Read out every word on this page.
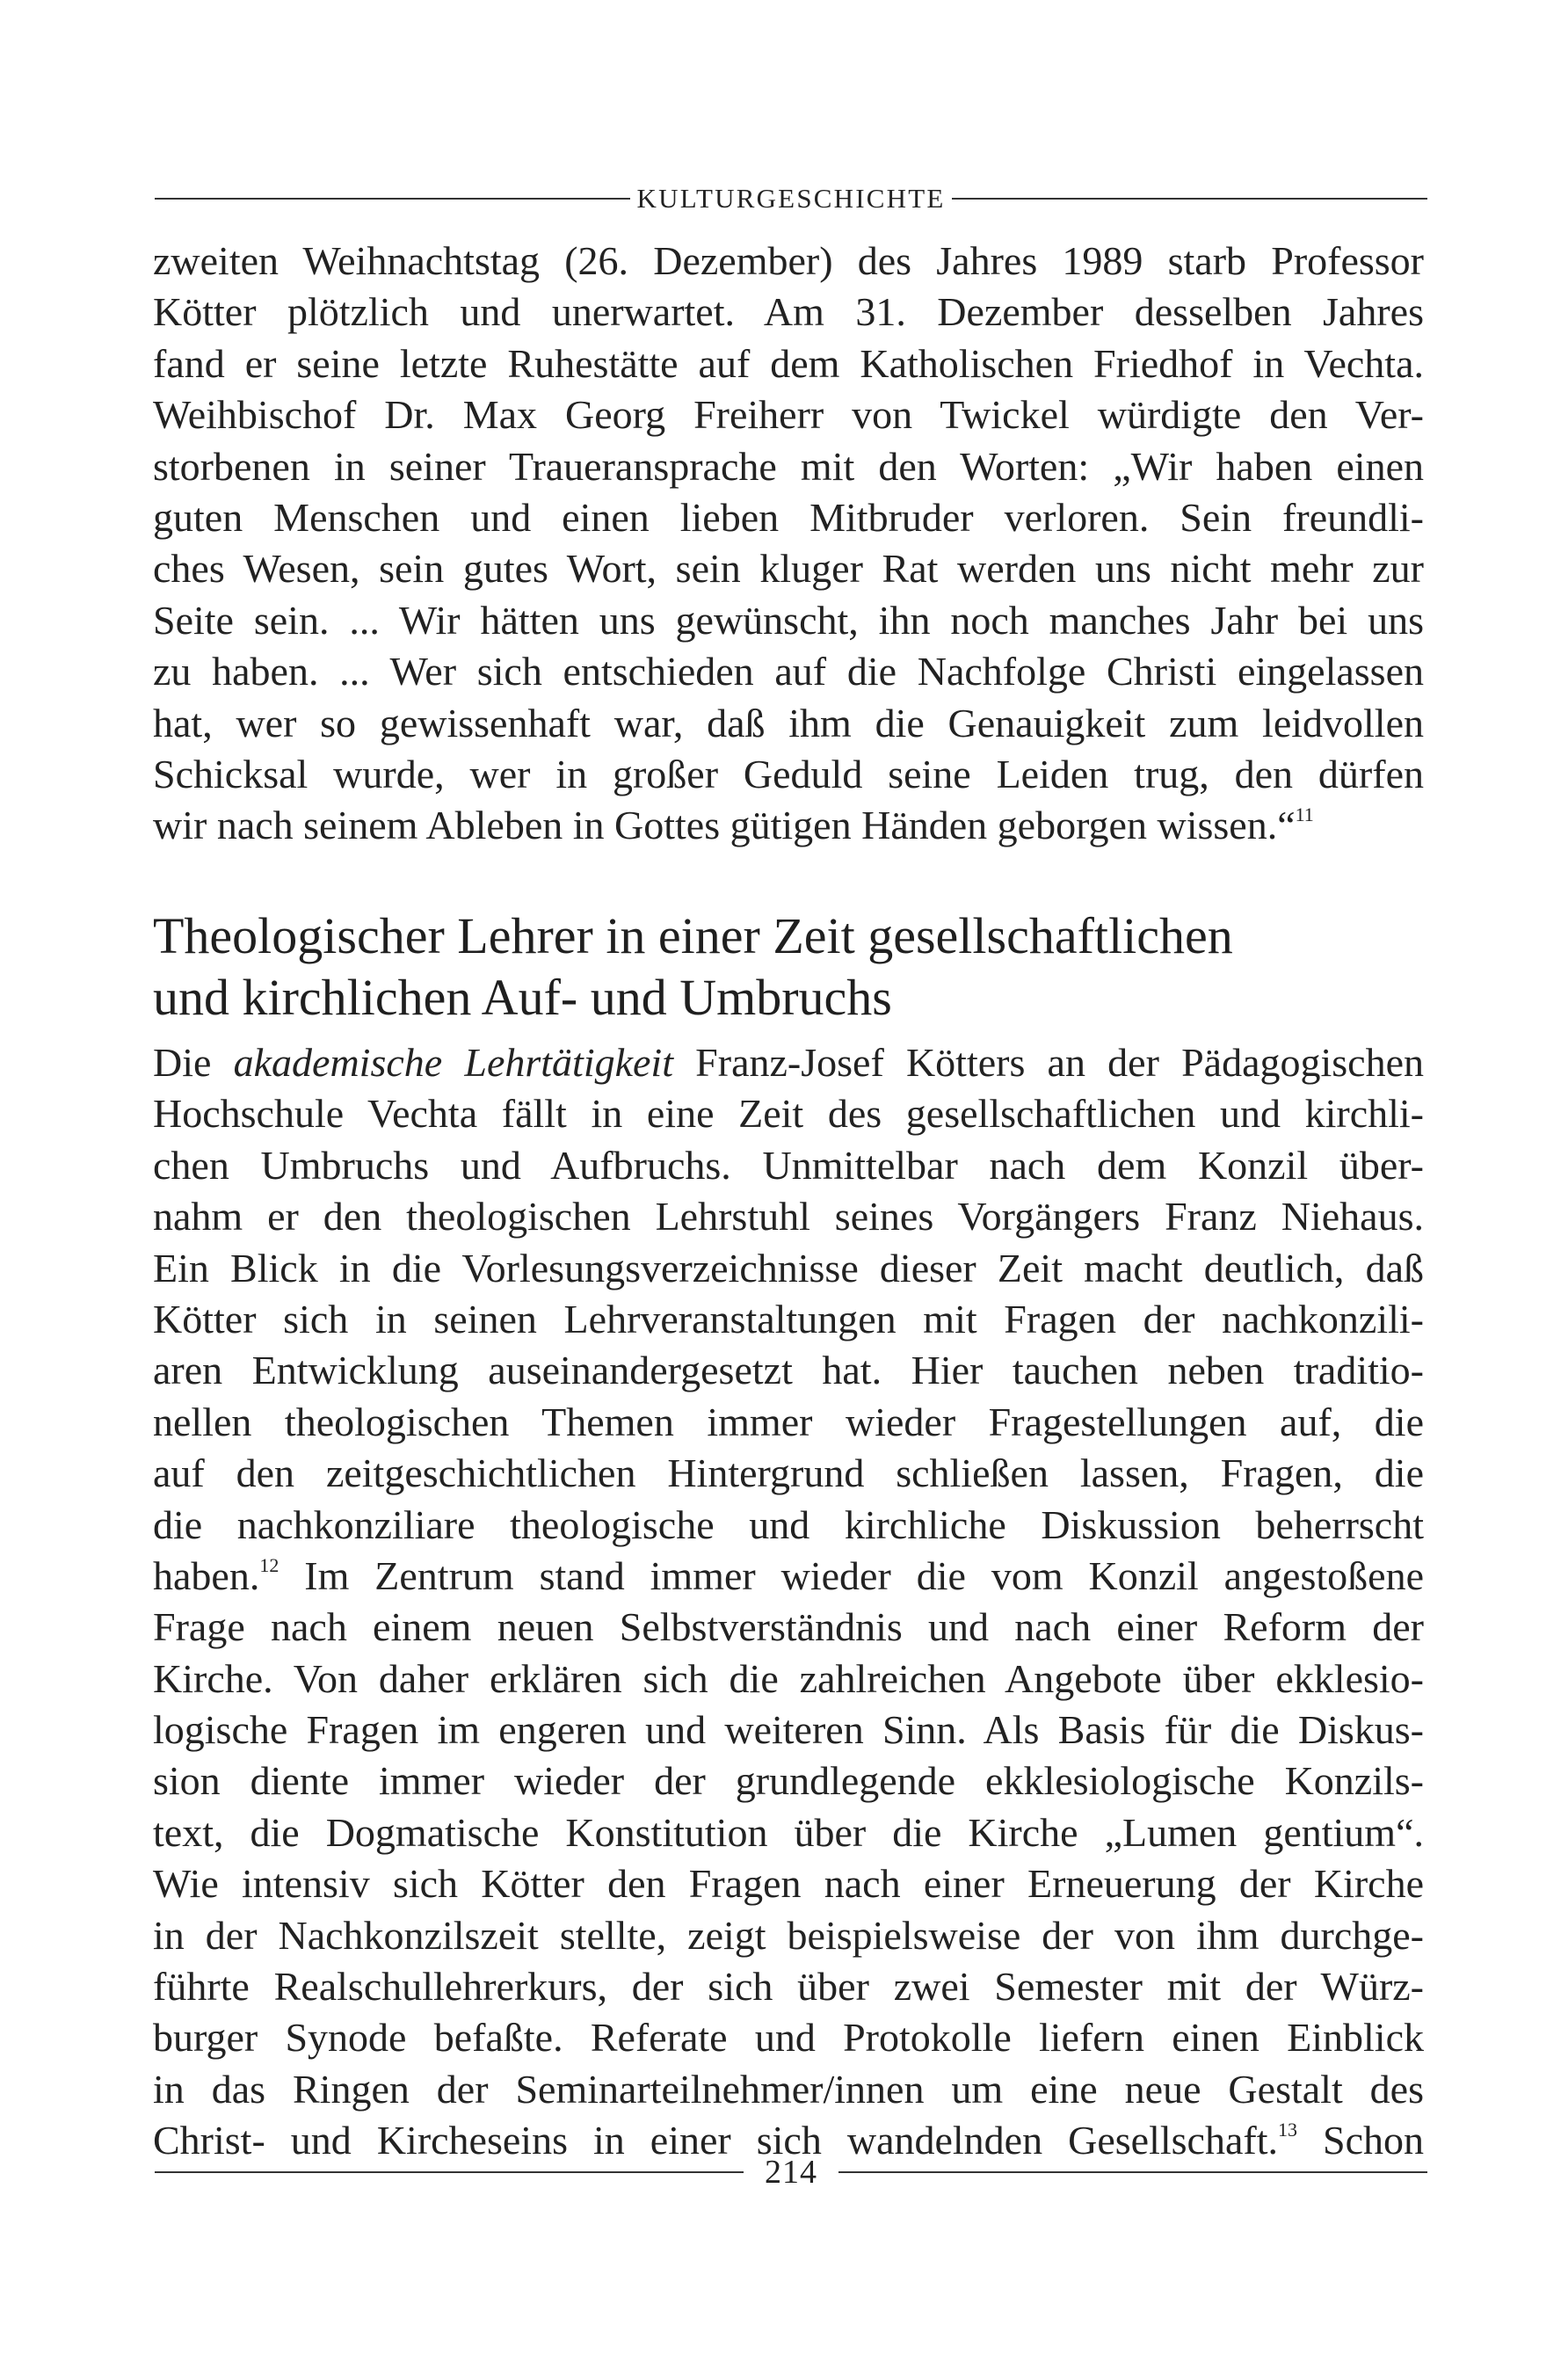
KULTURGESCHICHTE
zweiten Weihnachtstag (26. Dezember) des Jahres 1989 starb Professor
Kötter plötzlich und unerwartet. Am 31. Dezember desselben Jahres
fand er seine letzte Ruhestätte auf dem Katholischen Friedhof in Vechta.
Weihbischof Dr. Max Georg Freiherr von Twickel würdigte den Ver-
storbenen in seiner Traueransprache mit den Worten: „Wir haben einen
guten Menschen und einen lieben Mitbruder verloren. Sein freundli-
ches Wesen, sein gutes Wort, sein kluger Rat werden uns nicht mehr zur
Seite sein. ... Wir hätten uns gewünscht, ihn noch manches Jahr bei uns
zu haben. ... Wer sich entschieden auf die Nachfolge Christi eingelassen
hat, wer so gewissenhaft war, daß ihm die Genauigkeit zum leidvollen
Schicksal wurde, wer in großer Geduld seine Leiden trug, den dürfen
wir nach seinem Ableben in Gottes gütigen Händen geborgen wissen.“$^{11}$
Theologischer Lehrer in einer Zeit gesellschaftlichen
und kirchlichen Auf- und Umbruchs
Die akademische Lehrtätigkeit Franz-Josef Kötters an der Pädagogischen
Hochschule Vechta fällt in eine Zeit des gesellschaftlichen und kirchli-
chen Umbruchs und Aufbruchs. Unmittelbar nach dem Konzil über-
nahm er den theologischen Lehrstuhl seines Vorgängers Franz Niehaus.
Ein Blick in die Vorlesungsverzeichnisse dieser Zeit macht deutlich, daß
Kötter sich in seinen Lehrveranstaltungen mit Fragen der nachkonzili-
aren Entwicklung auseinandergesetzt hat. Hier tauchen neben traditio-
nellen theologischen Themen immer wieder Fragestellungen auf, die
auf den zeitgeschichtlichen Hintergrund schließen lassen, Fragen, die
die nachkonziliare theologische und kirchliche Diskussion beherrscht
haben.$^{12}$ Im Zentrum stand immer wieder die vom Konzil angestoßene
Frage nach einem neuen Selbstverständnis und nach einer Reform der
Kirche. Von daher erklären sich die zahlreichen Angebote über ekklesio-
logische Fragen im engeren und weiteren Sinn. Als Basis für die Diskus-
sion diente immer wieder der grundlegende ekklesiologische Konzils-
text, die Dogmatische Konstitution über die Kirche „Lumen gentium“.
Wie intensiv sich Kötter den Fragen nach einer Erneuerung der Kirche
in der Nachkonzilszeit stellte, zeigt beispielsweise der von ihm durchge-
führte Realschullehrerkurs, der sich über zwei Semester mit der Würz-
burger Synode befaßte. Referate und Protokolle liefern einen Einblick
in das Ringen der Seminarteilnehmer/innen um eine neue Gestalt des
Christ- und Kircheseins in einer sich wandelnden Gesellschaft.$^{13}$ Schon
214
